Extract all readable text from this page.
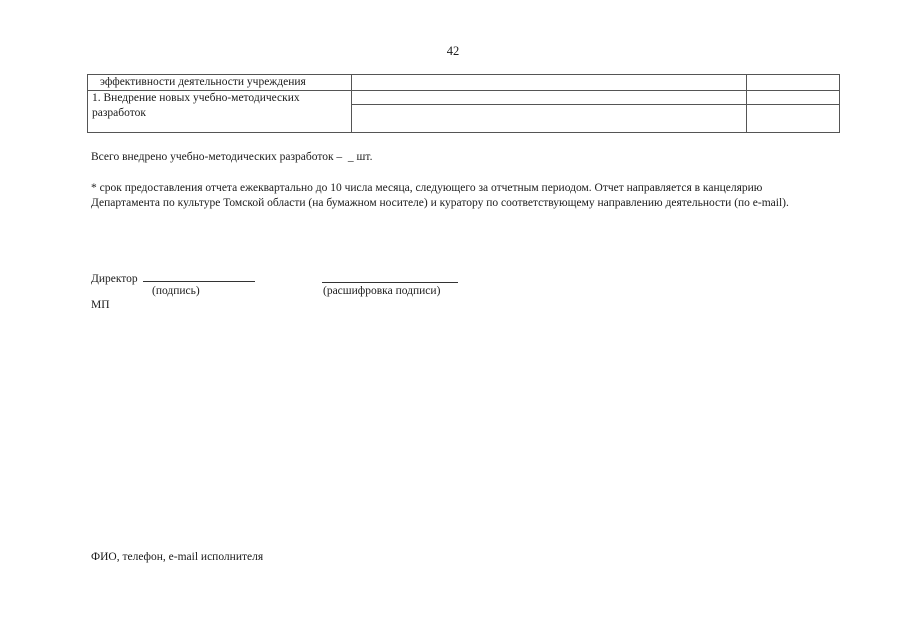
42
эффективности деятельности учреждения		
1. Внедрение новых учебно-методических разработок		

Всего внедрено учебно-методических разработок –  _ шт.
* срок предоставления отчета ежеквартально до 10 числа месяца, следующего за отчетным периодом. Отчет направляется в канцелярию Департамента по культуре Томской области (на бумажном носителе) и куратору по соответствующему направлению деятельности (по e-mail).
Директор
(подпись)	(расшифровка подписи)
МП
ФИО, телефон, e-mail исполнителя
